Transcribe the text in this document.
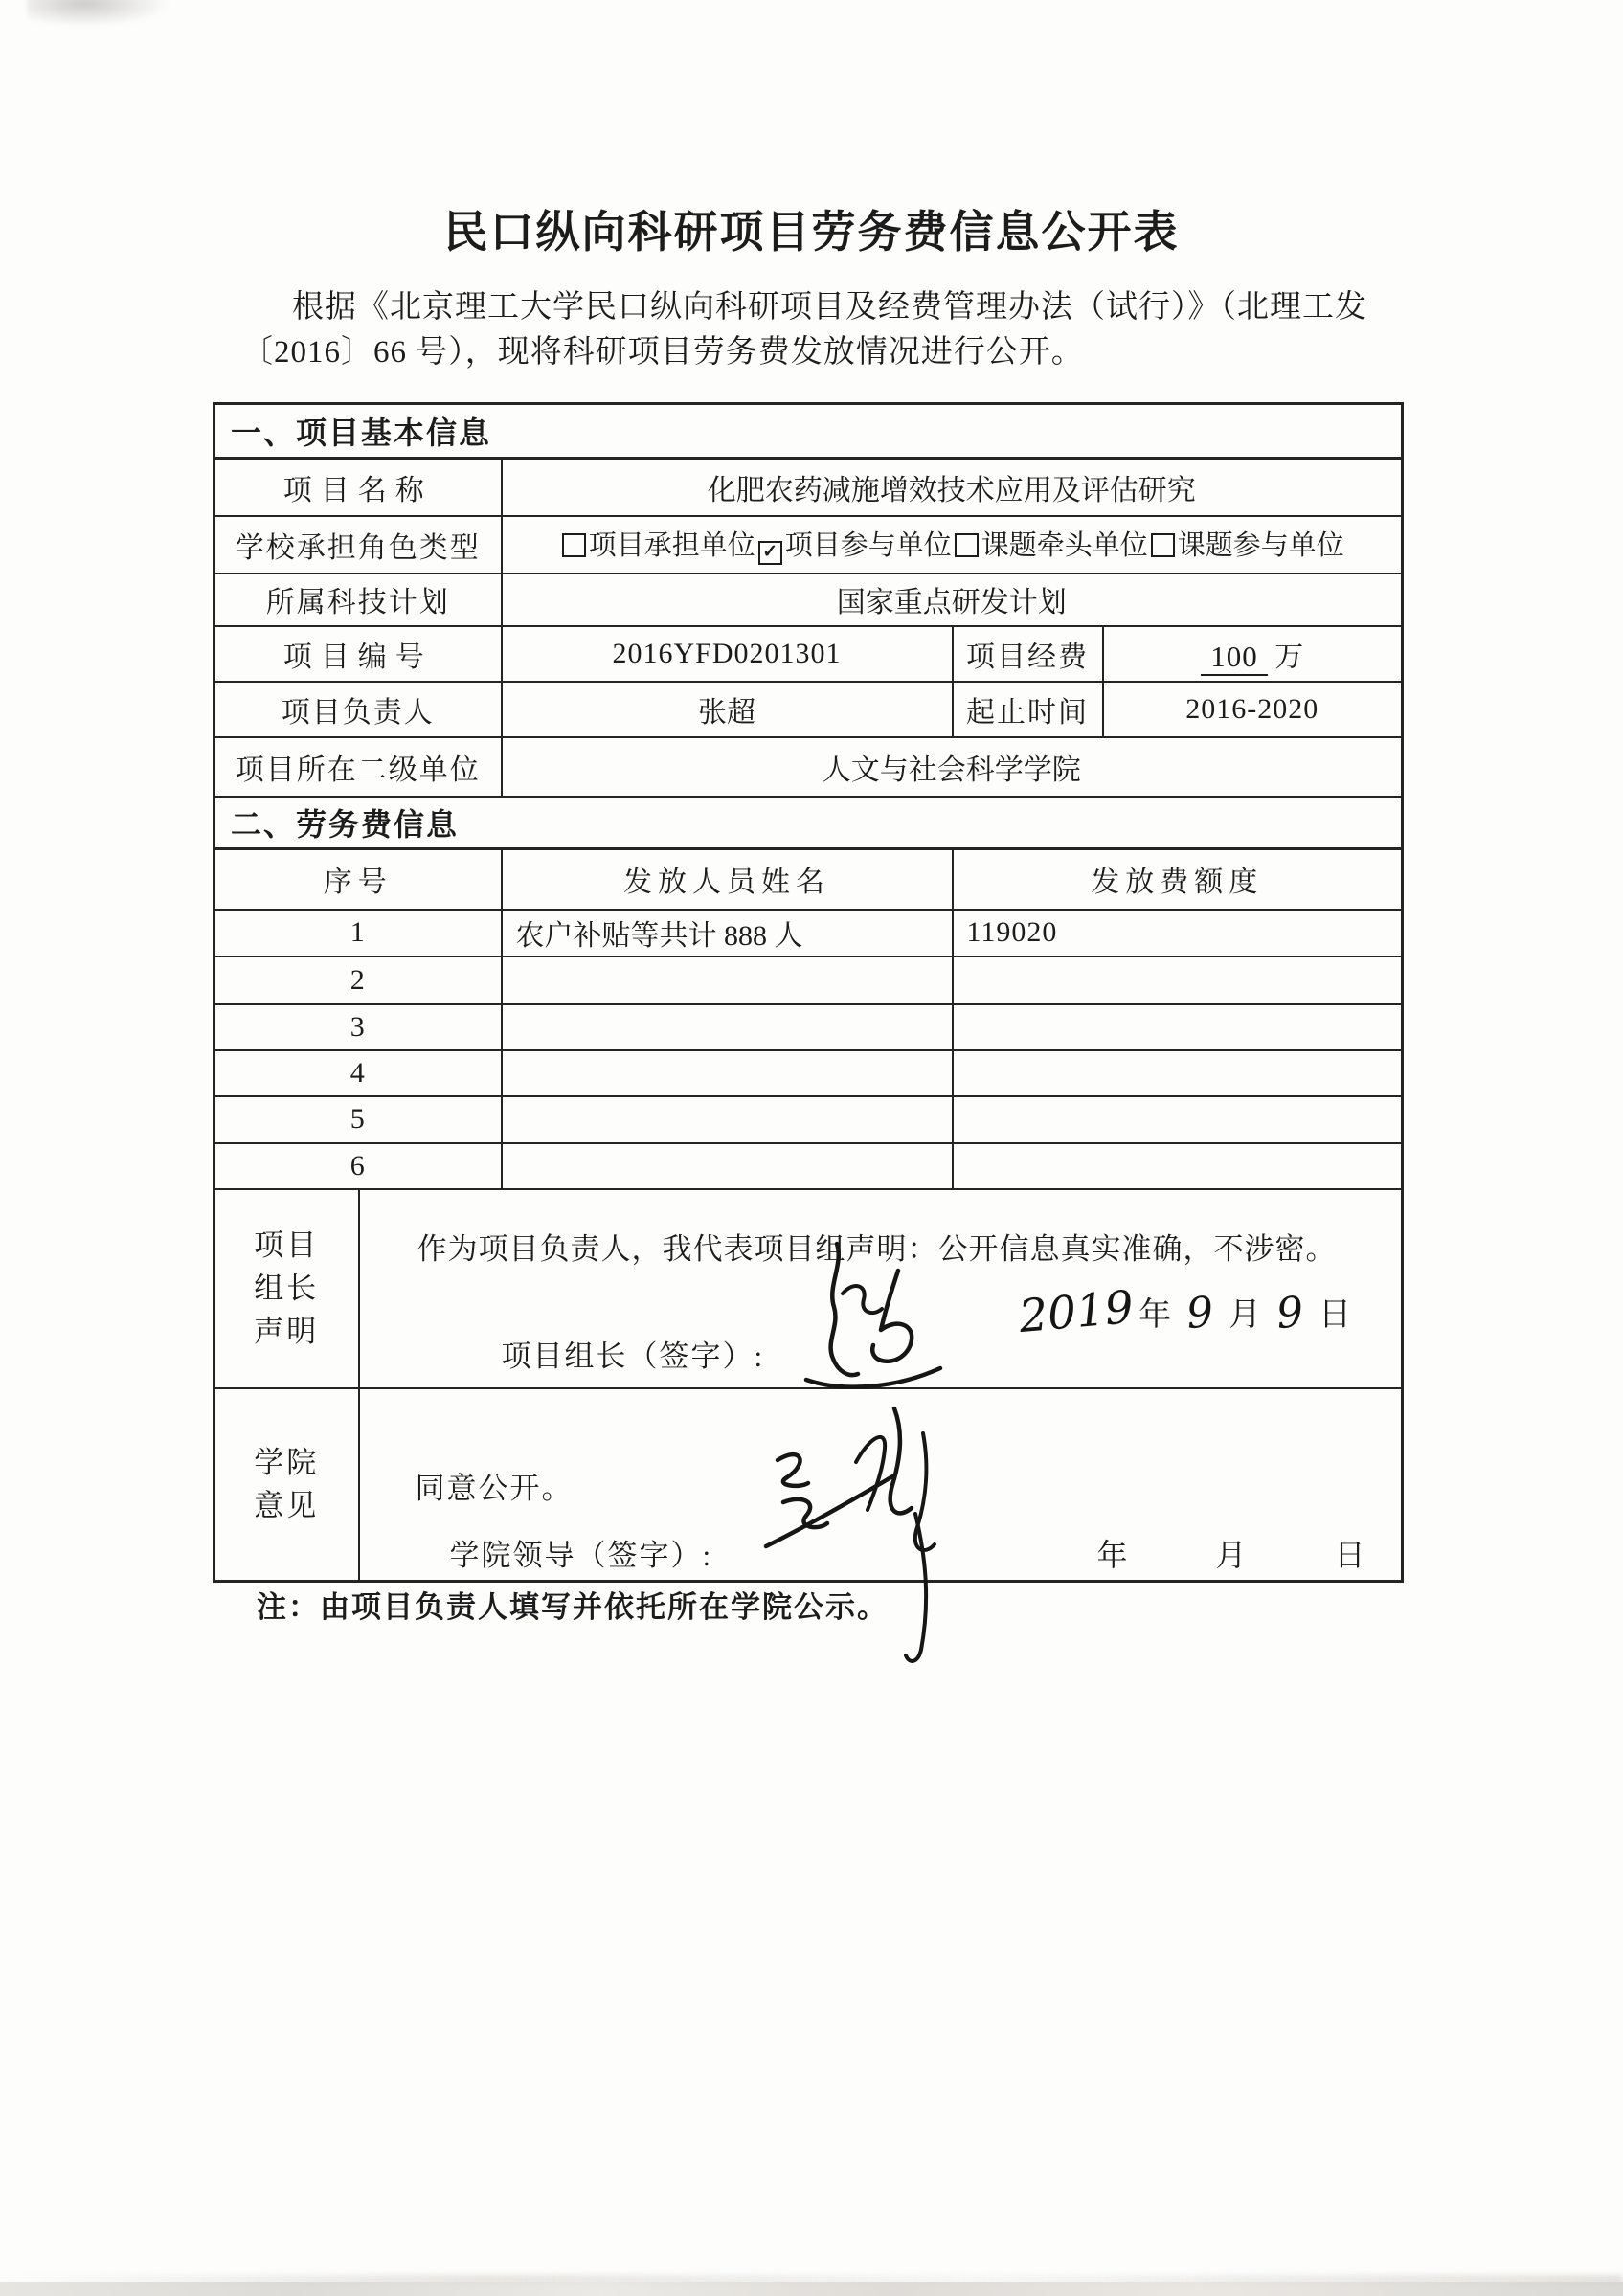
民口纵向科研项目劳务费信息公开表
根据《北京理工大学民口纵向科研项目及经费管理办法（试行）》（北理工发
〔2016〕66 号），现将科研项目劳务费发放情况进行公开。
一、项目基本信息				
项目名称		化肥农药减施增效技术应用及评估研究		
学校承担角色类型		项目承担单位 ✓ 项目参与单位 课题牵头单位 课题参与单位		
所属科技计划		国家重点研发计划		
项目编号		2016YFD0201301	项目经费	100 万
项目负责人		张超	起止时间	2016-2020
项目所在二级单位		人文与社会科学学院		
二、劳务费信息				
序号		发放人员姓名	发放费额度	
1		农户补贴等共计 888 人	119020	
2				
3				
4				
5				
6				

项目
组长
声明

作为项目负责人，我代表项目组声明：公开信息真实准确，不涉密。
项目组长（签字）:
2019 年 9 月 9 日

学院
意见

同意公开。
学院领导（签字）:	年	月	日
注：由项目负责人填写并依托所在学院公示。
